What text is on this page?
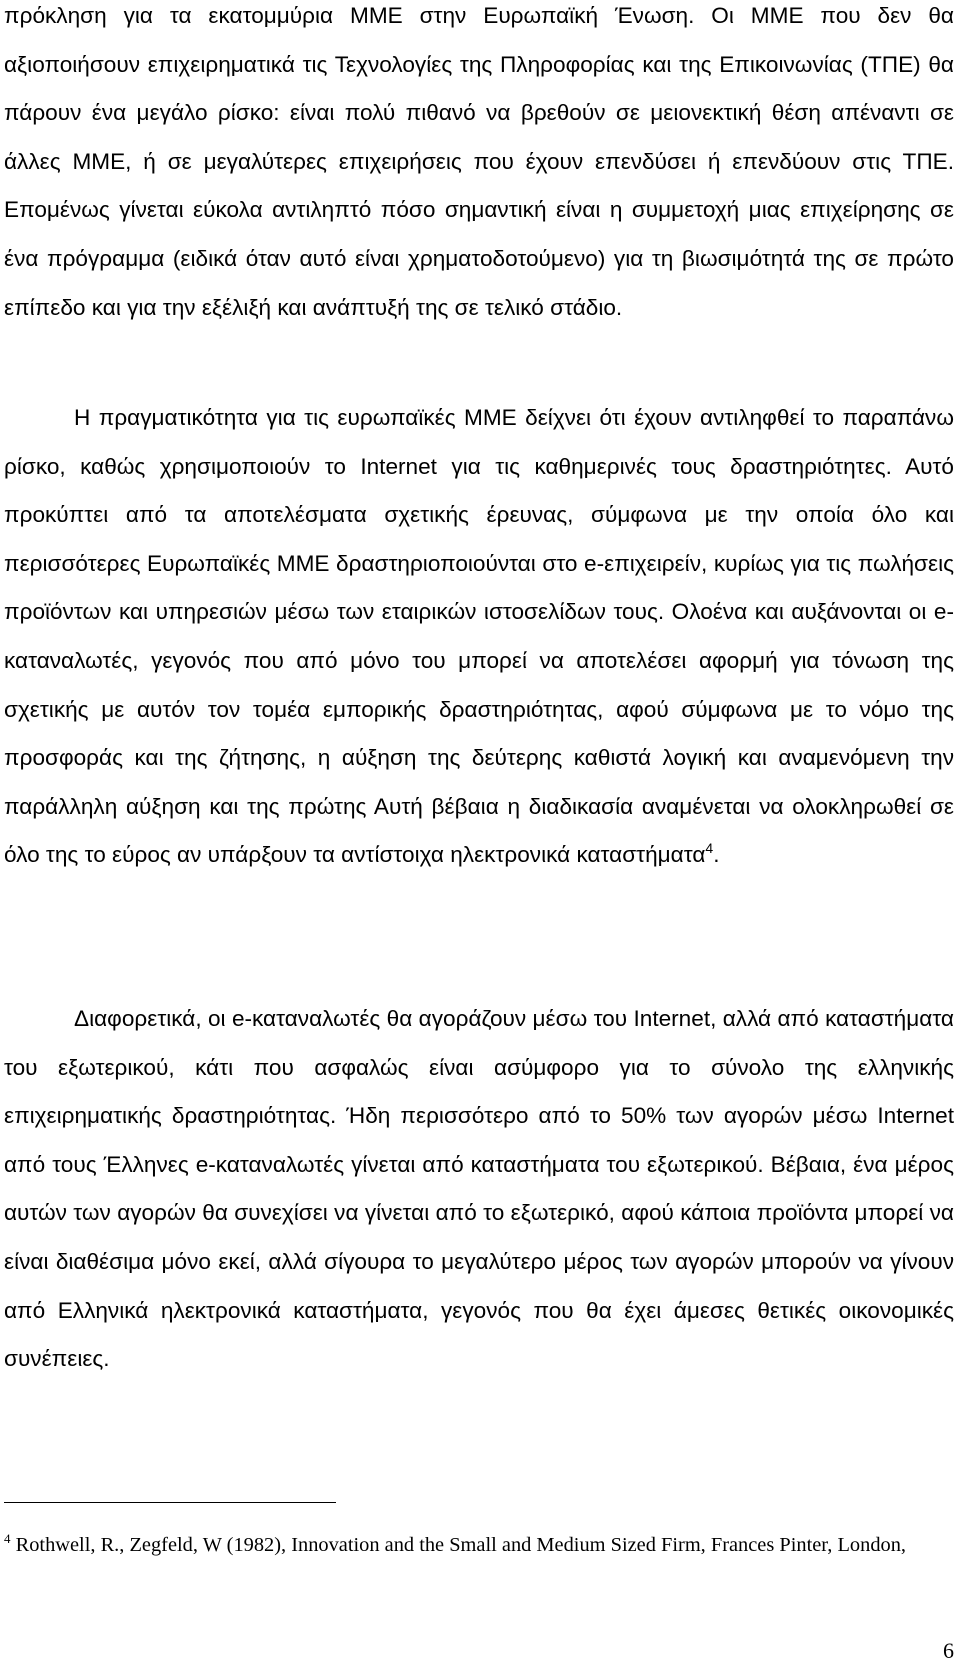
πρόκληση για τα εκατομμύρια ΜΜΕ στην Ευρωπαϊκή Ένωση. Οι ΜΜΕ που δεν θα αξιοποιήσουν επιχειρηματικά τις Τεχνολογίες της Πληροφορίας και της Επικοινωνίας (ΤΠΕ) θα πάρουν ένα μεγάλο ρίσκο: είναι πολύ πιθανό να βρεθούν σε μειονεκτική θέση απέναντι σε άλλες ΜΜΕ, ή σε μεγαλύτερες επιχειρήσεις που έχουν επενδύσει ή επενδύουν στις ΤΠΕ. Επομένως γίνεται εύκολα αντιληπτό πόσο σημαντική είναι η συμμετοχή μιας επιχείρησης σε ένα πρόγραμμα (ειδικά όταν αυτό είναι χρηματοδοτούμενο) για τη βιωσιμότητά της σε πρώτο επίπεδο και για την εξέλιξή και ανάπτυξή της σε τελικό στάδιο.

Η πραγματικότητα για τις ευρωπαϊκές ΜΜΕ δείχνει ότι έχουν αντιληφθεί το παραπάνω ρίσκο, καθώς χρησιμοποιούν το Internet για τις καθημερινές τους δραστηριότητες. Αυτό προκύπτει από τα αποτελέσματα σχετικής έρευνας, σύμφωνα με την οποία όλο και περισσότερες Ευρωπαϊκές ΜΜΕ δραστηριοποιούνται στο e-επιχειρείν, κυρίως για τις πωλήσεις προϊόντων και υπηρεσιών μέσω των εταιρικών ιστοσελίδων τους. Ολοένα και αυξάνονται οι e-καταναλωτές, γεγονός που από μόνο του μπορεί να αποτελέσει αφορμή για τόνωση της σχετικής με αυτόν τον τομέα εμπορικής δραστηριότητας, αφού σύμφωνα με το νόμο της προσφοράς και της ζήτησης, η αύξηση της δεύτερης καθιστά λογική και αναμενόμενη την παράλληλη αύξηση και της πρώτης Αυτή βέβαια η διαδικασία αναμένεται να ολοκληρωθεί σε όλο της το εύρος αν υπάρξουν τα αντίστοιχα ηλεκτρονικά καταστήματα$^4$.

Διαφορετικά, οι e-καταναλωτές θα αγοράζουν μέσω του Internet, αλλά από καταστήματα του εξωτερικού, κάτι που ασφαλώς είναι ασύμφορο για το σύνολο της ελληνικής επιχειρηματικής δραστηριότητας. Ήδη περισσότερο από το 50% των αγορών μέσω Internet από τους Έλληνες e-καταναλωτές γίνεται από καταστήματα του εξωτερικού. Βέβαια, ένα μέρος αυτών των αγορών θα συνεχίσει να γίνεται από το εξωτερικό, αφού κάποια προϊόντα μπορεί να είναι διαθέσιμα μόνο εκεί, αλλά σίγουρα το μεγαλύτερο μέρος των αγορών μπορούν να γίνουν από Ελληνικά ηλεκτρονικά καταστήματα, γεγονός που θα έχει άμεσες θετικές οικονομικές συνέπειες.

$^4$ Rothwell, R., Zegfeld, W (1982), Innovation and the Small and Medium Sized Firm, Frances Pinter, London,

6
